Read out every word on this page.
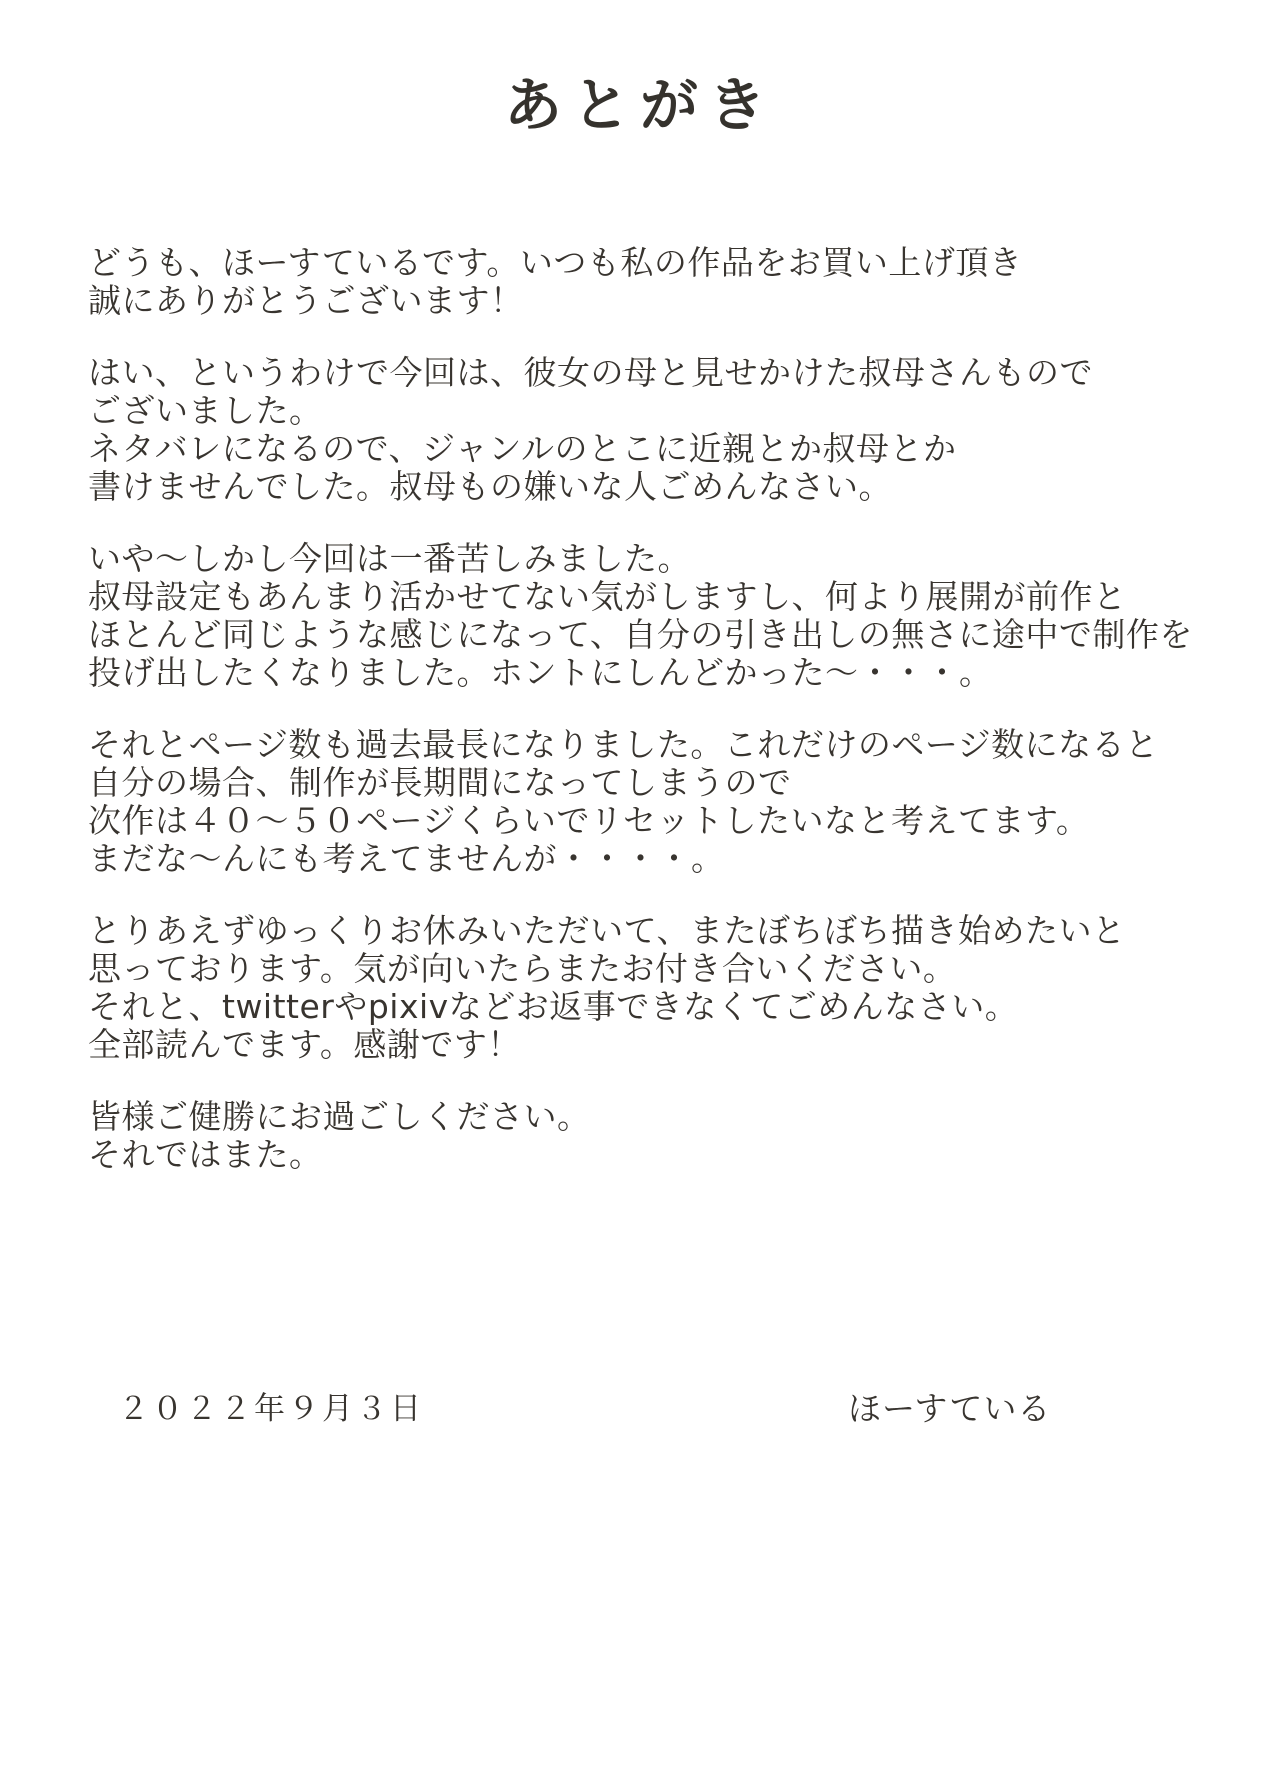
あとがき
どうも、ほーすているです。いつも私の作品をお買い上げ頂き
誠にありがとうございます！
はい、というわけで今回は、彼女の母と見せかけた叔母さんもので
ございました。
ネタバレになるので、ジャンルのとこに近親とか叔母とか
書けませんでした。叔母もの嫌いな人ごめんなさい。
いや〜しかし今回は一番苦しみました。
叔母設定もあんまり活かせてない気がしますし、何より展開が前作と
ほとんど同じような感じになって、自分の引き出しの無さに途中で制作を
投げ出したくなりました。ホントにしんどかった〜・・・。
それとページ数も過去最長になりました。これだけのページ数になると
自分の場合、制作が長期間になってしまうので
次作は４０〜５０ページくらいでリセットしたいなと考えてます。
まだな〜んにも考えてませんが・・・・。
とりあえずゆっくりお休みいただいて、またぼちぼち描き始めたいと
思っております。気が向いたらまたお付き合いください。
それと、twitterやpixivなどお返事できなくてごめんなさい。
全部読んでます。感謝です！
皆様ご健勝にお過ごしください。
それではまた。
２０２２年９月３日	ほーすている
